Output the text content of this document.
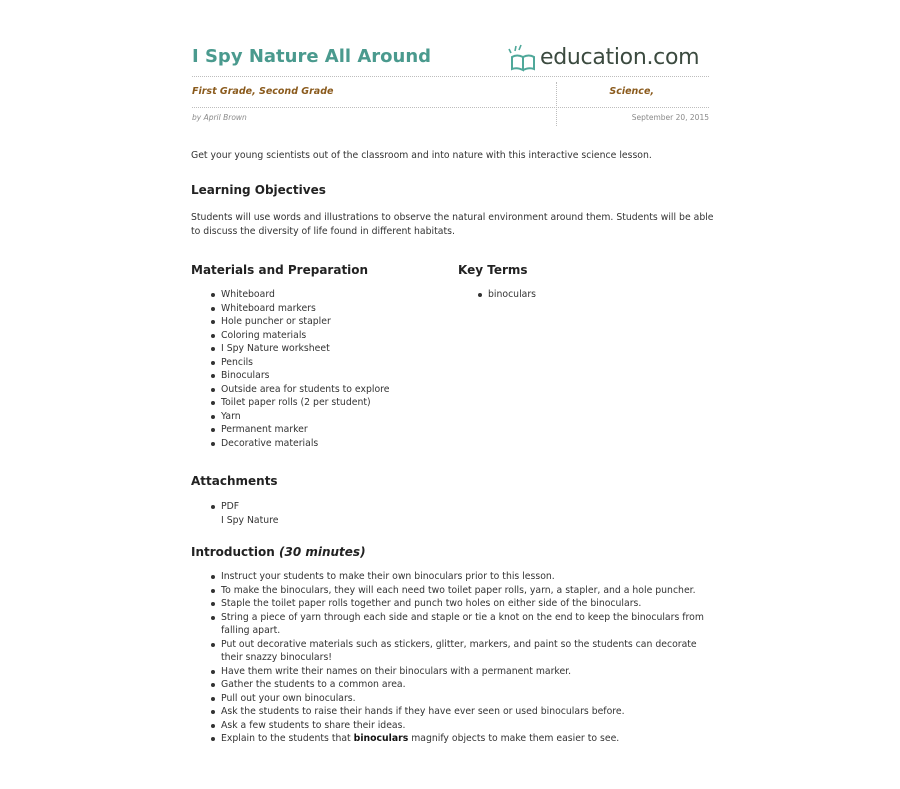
I Spy Nature All Around	education.com
First Grade, Second Grade	Science,
by April Brown	September 20, 2015
Get your young scientists out of the classroom and into nature with this interactive science lesson.
Learning Objectives
Students will use words and illustrations to observe the natural environment around them. Students will be able
to discuss the diversity of life found in different habitats.
Materials and Preparation
Whiteboard
Whiteboard markers
Hole puncher or stapler
Coloring materials
I Spy Nature worksheet
Pencils
Binoculars
Outside area for students to explore
Toilet paper rolls (2 per student)
Yarn
Permanent marker
Decorative materials
Key Terms
binoculars
Attachments
PDF
I Spy Nature
Introduction (30 minutes)
Instruct your students to make their own binoculars prior to this lesson.
To make the binoculars, they will each need two toilet paper rolls, yarn, a stapler, and a hole puncher.
Staple the toilet paper rolls together and punch two holes on either side of the binoculars.
String a piece of yarn through each side and staple or tie a knot on the end to keep the binoculars from
falling apart.
Put out decorative materials such as stickers, glitter, markers, and paint so the students can decorate
their snazzy binoculars!
Have them write their names on their binoculars with a permanent marker.
Gather the students to a common area.
Pull out your own binoculars.
Ask the students to raise their hands if they have ever seen or used binoculars before.
Ask a few students to share their ideas.
Explain to the students that binoculars magnify objects to make them easier to see.
